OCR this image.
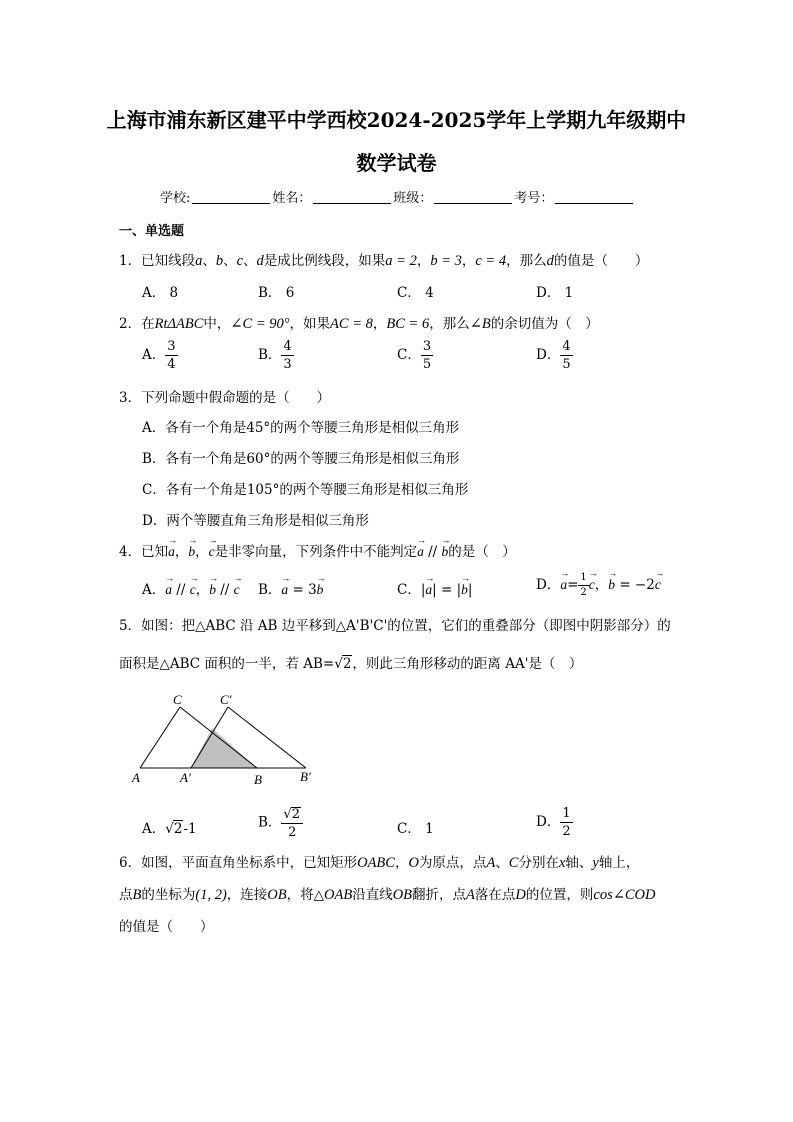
上海市浦东新区建平中学西校2024-2025学年上学期九年级期中
数学试卷
学校:	姓名：	班级：	考号：
一、单选题
1．已知线段a、b、c、d是成比例线段，如果a = 2，b = 3，c = 4，那么d的值是（　　）
A． 8	B． 6	C． 4	D． 1
2．在RtΔABC中，∠C = 90°，如果AC = 8，BC = 6，那么∠B的余切值为（　）
A． $\frac{3}{4}$	B． $\frac{4}{3}$	C． $\frac{3}{5}$	D． $\frac{4}{5}$
3．下列命题中假命题的是（　　）
A．各有一个角是45°的两个等腰三角形是相似三角形
B．各有一个角是60°的两个等腰三角形是相似三角形
C．各有一个角是105°的两个等腰三角形是相似三角形
D．两个等腰直角三角形是相似三角形
4．已知→ a，→ b，→ c是非零向量，下列条件中不能判定→ a // → b的是（　）
A．→ a // → c，→ b // → c B．→ a = 3→ b	C．|→ a| = |→ b|	D．→ $a= \frac{1}{2}$
→ c，→ b = −2→ c
5．如图：把△ABC 沿 AB 边平移到△A'B'C'的位置，它们的重叠部分（即图中阴影部分）的
面积是△ABC 面积的一半，若 AB=√2，则此三角形移动的距离 AA'是（　）
A	A′	B	B′
C	C′
A．√2-1	B． $\frac{√2}{2}$	C． 1	D． $\frac{1}{2}$
6．如图，平面直角坐标系中，已知矩形OABC，O为原点，点A、C分别在x轴、y轴上，
点B的坐标为(1, 2)，连接OB，将△OAB沿直线OB翻折，点A落在点D的位置，则cos∠COD
的值是（　　）
